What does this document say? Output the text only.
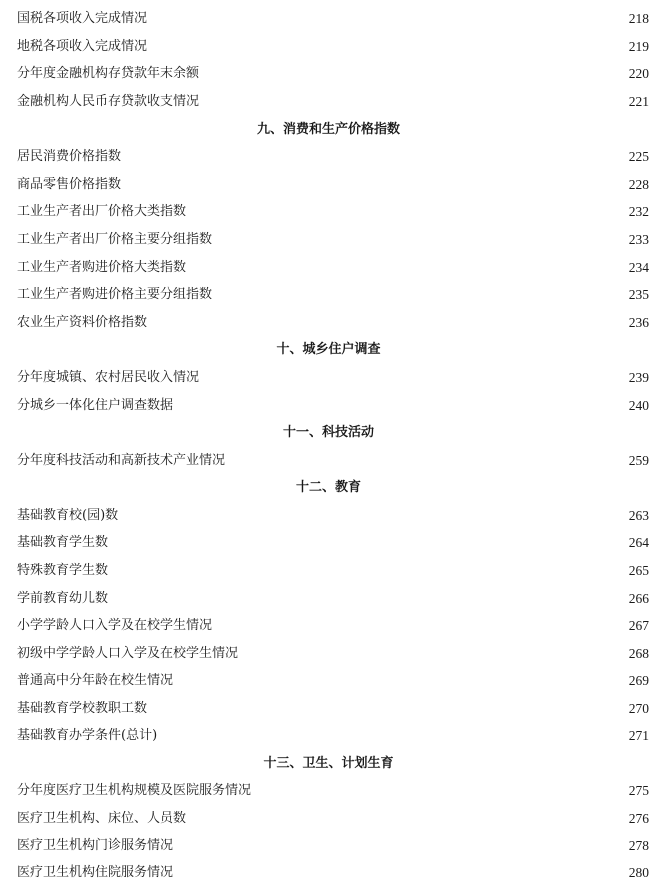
国税各项收入完成情况	218
地税各项收入完成情况	219
分年度金融机构存贷款年末余额	220
金融机构人民币存贷款收支情况	221
九、消费和生产价格指数
居民消费价格指数	225
商品零售价格指数	228
工业生产者出厂价格大类指数	232
工业生产者出厂价格主要分组指数	233
工业生产者购进价格大类指数	234
工业生产者购进价格主要分组指数	235
农业生产资料价格指数	236
十、城乡住户调查
分年度城镇、农村居民收入情况	239
分城乡一体化住户调查数据	240
十一、科技活动
分年度科技活动和高新技术产业情况	259
十二、教育
基础教育校(园)数	263
基础教育学生数	264
特殊教育学生数	265
学前教育幼儿数	266
小学学龄人口入学及在校学生情况	267
初级中学学龄人口入学及在校学生情况	268
普通高中分年龄在校生情况	269
基础教育学校教职工数	270
基础教育办学条件(总计)	271
十三、卫生、计划生育
分年度医疗卫生机构规模及医院服务情况	275
医疗卫生机构、床位、人员数	276
医疗卫生机构门诊服务情况	278
医疗卫生机构住院服务情况	280
